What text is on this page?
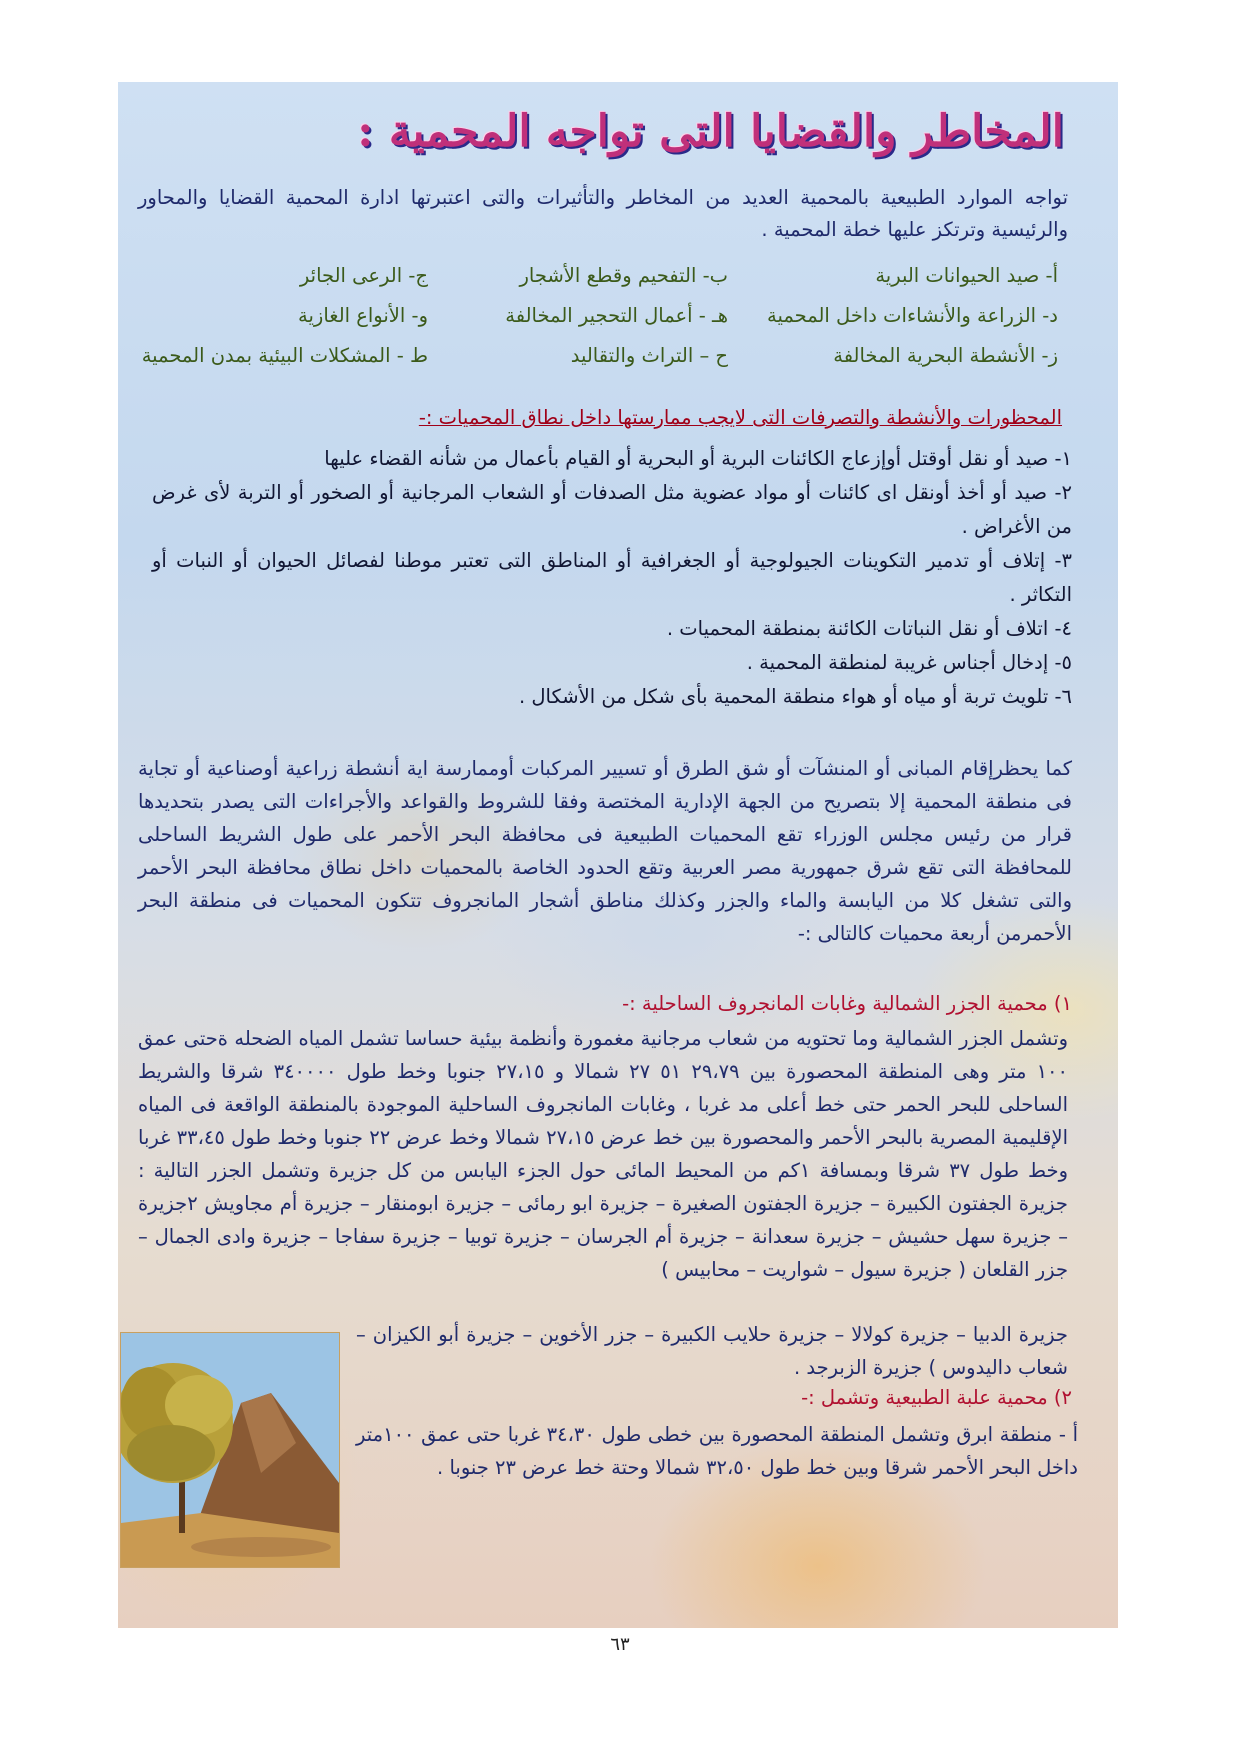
المخاطر والقضايا التى تواجه المحمية :

تواجه الموارد الطبيعية بالمحمية العديد من المخاطر والتأثيرات والتى اعتبرتها ادارة المحمية القضايا والمحاور والرئيسية وترتكز عليها خطة المحمية .

أ- صيد الحيوانات البرية
ب- التفحيم وقطع الأشجار
ج- الرعى الجائر
د- الزراعة والأنشاءات داخل المحمية
هـ - أعمال التحجير المخالفة
و- الأنواع الغازية
ز- الأنشطة البحرية المخالفة
ح – التراث والتقاليد
ط - المشكلات البيئية بمدن المحمية
المحظورات والأنشطة والتصرفات التى لايجب ممارستها داخل نطاق المحميات :-
١- صيد أو نقل أوقتل أوإزعاج الكائنات البرية أو البحرية أو القيام بأعمال من شأنه القضاء عليها
٢- صيد أو أخذ أونقل اى كائنات أو مواد عضوية مثل الصدفات أو الشعاب المرجانية أو الصخور أو التربة لأى غرض من الأغراض .
٣- إتلاف أو تدمير التكوينات الجيولوجية أو الجغرافية أو المناطق التى تعتبر موطنا لفصائل الحيوان أو النبات أو التكاثر .
٤- اتلاف أو نقل النباتات الكائنة بمنطقة المحميات .
٥- إدخال أجناس غريبة لمنطقة المحمية .
٦- تلويث تربة أو مياه أو هواء منطقة المحمية بأى شكل من الأشكال .
كما يحظرإقام المبانى أو المنشآت أو شق الطرق أو تسيير المركبات أوممارسة اية أنشطة زراعية أوصناعية أو تجاية فى منطقة المحمية إلا بتصريح من الجهة الإدارية المختصة وفقا للشروط والقواعد والأجراءات التى يصدر بتحديدها قرار من رئيس مجلس الوزراء تقع المحميات الطبيعية فى محافظة البحر الأحمر على طول الشريط الساحلى للمحافظة التى تقع شرق جمهورية مصر العربية وتقع الحدود الخاصة بالمحميات داخل نطاق محافظة البحر الأحمر والتى تشغل كلا من اليابسة والماء والجزر وكذلك مناطق أشجار المانجروف تتكون المحميات فى منطقة البحر الأحمرمن أربعة محميات كالتالى :-
١) محمية الجزر الشمالية وغابات المانجروف الساحلية :-
وتشمل الجزر الشمالية وما تحتويه من شعاب مرجانية مغمورة وأنظمة بيئية حساسا تشمل المياه الضحله ةحتى عمق ١٠٠ متر وهى المنطقة المحصورة بين ٢٩،٧٩ ٥١ ٢٧ شمالا و ٢٧،١٥ جنوبا وخط طول ٣٤٠٠٠٠ شرقا والشريط الساحلى للبحر الحمر حتى خط أعلى مد غربا ، وغابات المانجروف الساحلية الموجودة بالمنطقة الواقعة فى المياه الإقليمية المصرية بالبحر الأحمر والمحصورة بين خط عرض ٢٧،١٥ شمالا وخط عرض ٢٢ جنوبا وخط طول ٣٣،٤٥ غربا وخط طول ٣٧ شرقا وبمسافة ١كم من المحيط المائى حول الجزء اليابس من كل جزيرة وتشمل الجزر التالية : جزيرة الجفتون الكبيرة – جزيرة الجفتون الصغيرة – جزيرة ابو رمائى – جزيرة ابومنقار – جزيرة أم مجاويش ٢جزيرة – جزيرة سهل حشيش – جزيرة سعدانة – جزيرة أم الجرسان – جزيرة توبيا – جزيرة سفاجا – جزيرة وادى الجمال – جزر القلعان ( جزيرة سيول – شواريت – محابيس )
جزيرة الدبيا – جزيرة كولالا – جزيرة حلايب الكبيرة – جزر الأخوين – جزيرة أبو الكيزان – شعاب داليدوس ) جزيرة الزبرجد .
٢) محمية علبة الطبيعية وتشمل :-
أ - منطقة ابرق وتشمل المنطقة المحصورة بين خطى طول ٣٤،٣٠ غربا حتى عمق ١٠٠متر داخل البحر الأحمر شرقا وبين خط طول ٣٢،٥٠ شمالا وحتة خط عرض ٢٣ جنوبا .
٦٣
